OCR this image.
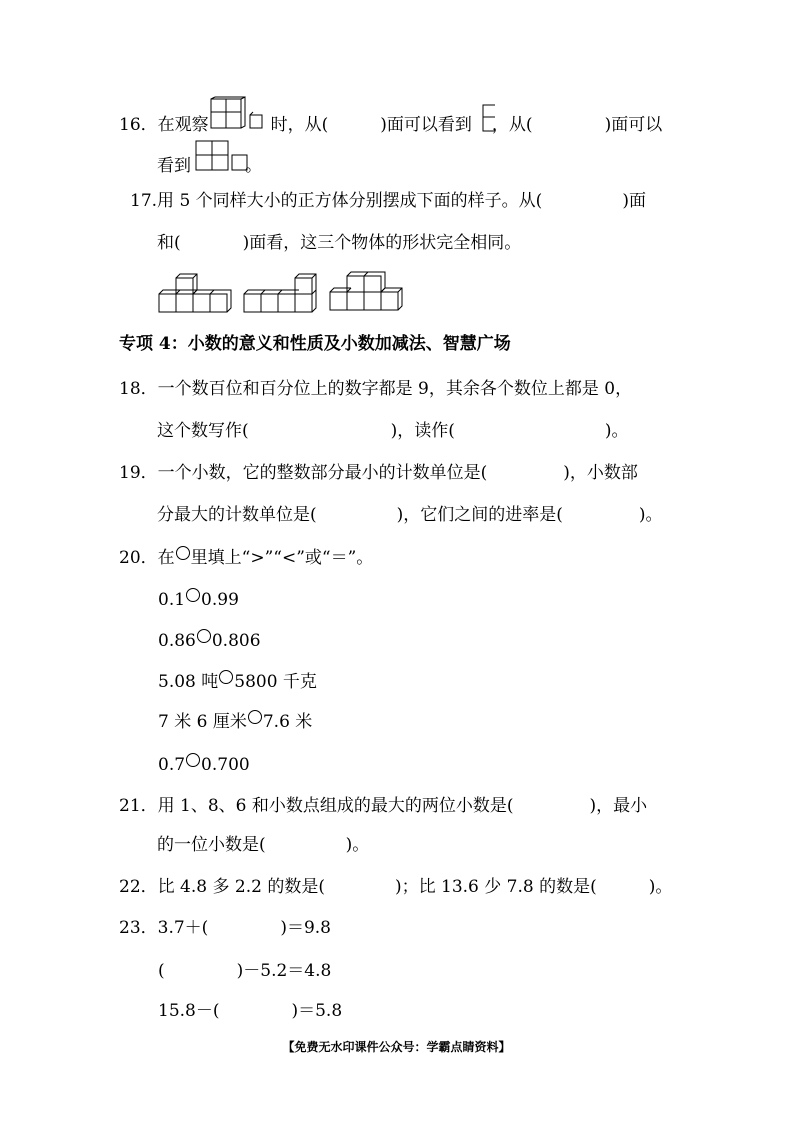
16．在观察	时，从(	)面可以看到 ，从(	)面可以
看到	。
17.用 5 个同样大小的正方体分别摆成下面的样子。从(	)面
和(	)面看，这三个物体的形状完全相同。
专项 4：小数的意义和性质及小数加减法、智慧广场
18．一个数百位和百分位上的数字都是 9，其余各个数位上都是 0，
这个数写作(	)，读作(	)。
19．一个小数，它的整数部分最小的计数单位是(	)，小数部
分最大的计数单位是(	)，它们之间的进率是(	)。
20．在 里填上“>”“<”或“＝”。
0.1 0.99
0.86 0.806
5.08 吨5800 千克
7 米 6 厘米7.6 米
0.7 0.700
21．用 1、8、6 和小数点组成的最大的两位小数是(	)，最小
的一位小数是(	)。
22．比 4.8 多 2.2 的数是(	)；比 13.6 少 7.8 的数是(	)。
23．3.7＋(	)＝9.8
(	)－5.2＝4.8
15.8－(	)＝5.8
【免费无水印课件公众号：学霸点睛资料】
